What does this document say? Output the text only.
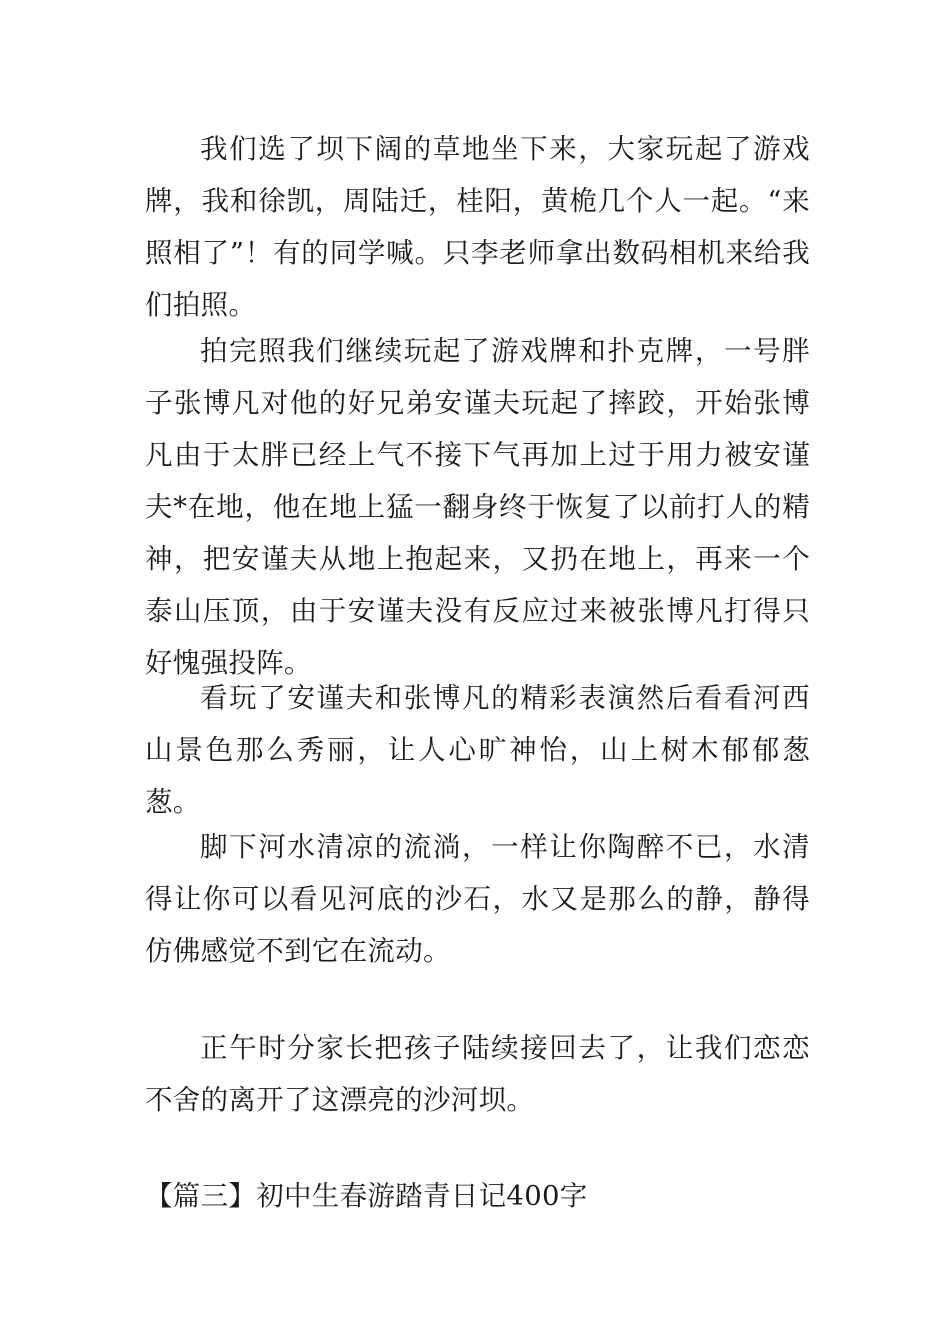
我们选了坝下阔的草地坐下来，大家玩起了游戏牌，我和徐凯，周陆迁，桂阳，黄桅几个人一起。“来照相了”！有的同学喊。只李老师拿出数码相机来给我们拍照。

拍完照我们继续玩起了游戏牌和扑克牌，一号胖子张博凡对他的好兄弟安谨夫玩起了摔跤，开始张博凡由于太胖已经上气不接下气再加上过于用力被安谨夫*在地，他在地上猛一翻身终于恢复了以前打人的精神，把安谨夫从地上抱起来，又扔在地上，再来一个泰山压顶，由于安谨夫没有反应过来被张博凡打得只好愧强投阵。

看玩了安谨夫和张博凡的精彩表演然后看看河西山景色那么秀丽，让人心旷神怡，山上树木郁郁葱葱。

脚下河水清凉的流淌，一样让你陶醉不已，水清得让你可以看见河底的沙石，水又是那么的静，静得仿佛感觉不到它在流动。

正午时分家长把孩子陆续接回去了，让我们恋恋不舍的离开了这漂亮的沙河坝。

【篇三】初中生春游踏青日记400字
